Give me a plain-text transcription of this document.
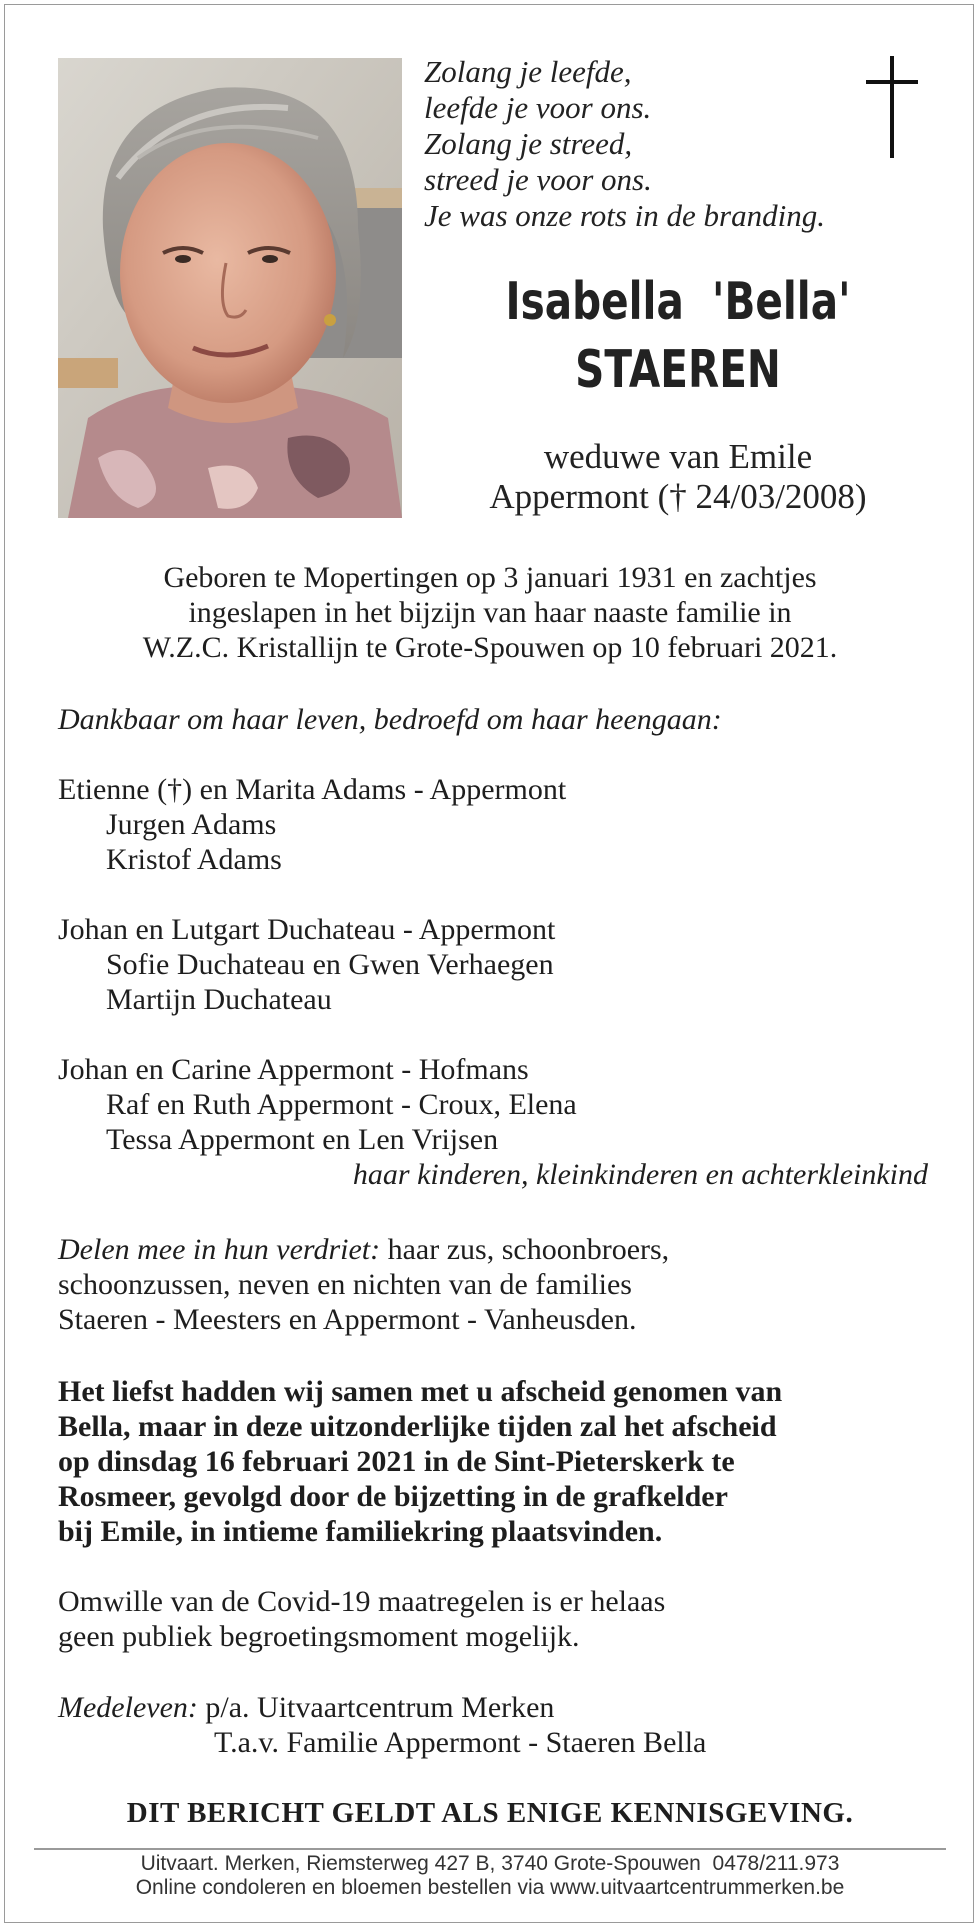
Zolang je leefde,
leefde je voor ons.
Zolang je streed,
streed je voor ons.
Je was onze rots in de branding.
Isabella  'Bella'
STAEREN
weduwe van Emile
Appermont († 24/03/2008)
Geboren te Mopertingen op 3 januari 1931 en zachtjes
ingeslapen in het bijzijn van haar naaste familie in
W.Z.C. Kristallijn te Grote-Spouwen op 10 februari 2021.
Dankbaar om haar leven, bedroefd om haar heengaan:
Etienne (†) en Marita Adams - Appermont
Jurgen Adams
Kristof Adams
Johan en Lutgart Duchateau - Appermont
Sofie Duchateau en Gwen Verhaegen
Martijn Duchateau
Johan en Carine Appermont - Hofmans
Raf en Ruth Appermont - Croux, Elena
Tessa Appermont en Len Vrijsen
haar kinderen, kleinkinderen en achterkleinkind
Delen mee in hun verdriet: haar zus, schoonbroers,
schoonzussen, neven en nichten van de families
Staeren - Meesters en Appermont - Vanheusden.
Het liefst hadden wij samen met u afscheid genomen van
Bella, maar in deze uitzonderlijke tijden zal het afscheid
op dinsdag 16 februari 2021 in de Sint-Pieterskerk te
Rosmeer, gevolgd door de bijzetting in de grafkelder
bij Emile, in intieme familiekring plaatsvinden.
Omwille van de Covid-19 maatregelen is er helaas
geen publiek begroetingsmoment mogelijk.
Medeleven: p/a. Uitvaartcentrum Merken
T.a.v. Familie Appermont - Staeren Bella
DIT BERICHT GELDT ALS ENIGE KENNISGEVING.
Uitvaart. Merken, Riemsterweg 427 B, 3740 Grote-Spouwen  0478/211.973
Online condoleren en bloemen bestellen via www.uitvaartcentrummerken.be
